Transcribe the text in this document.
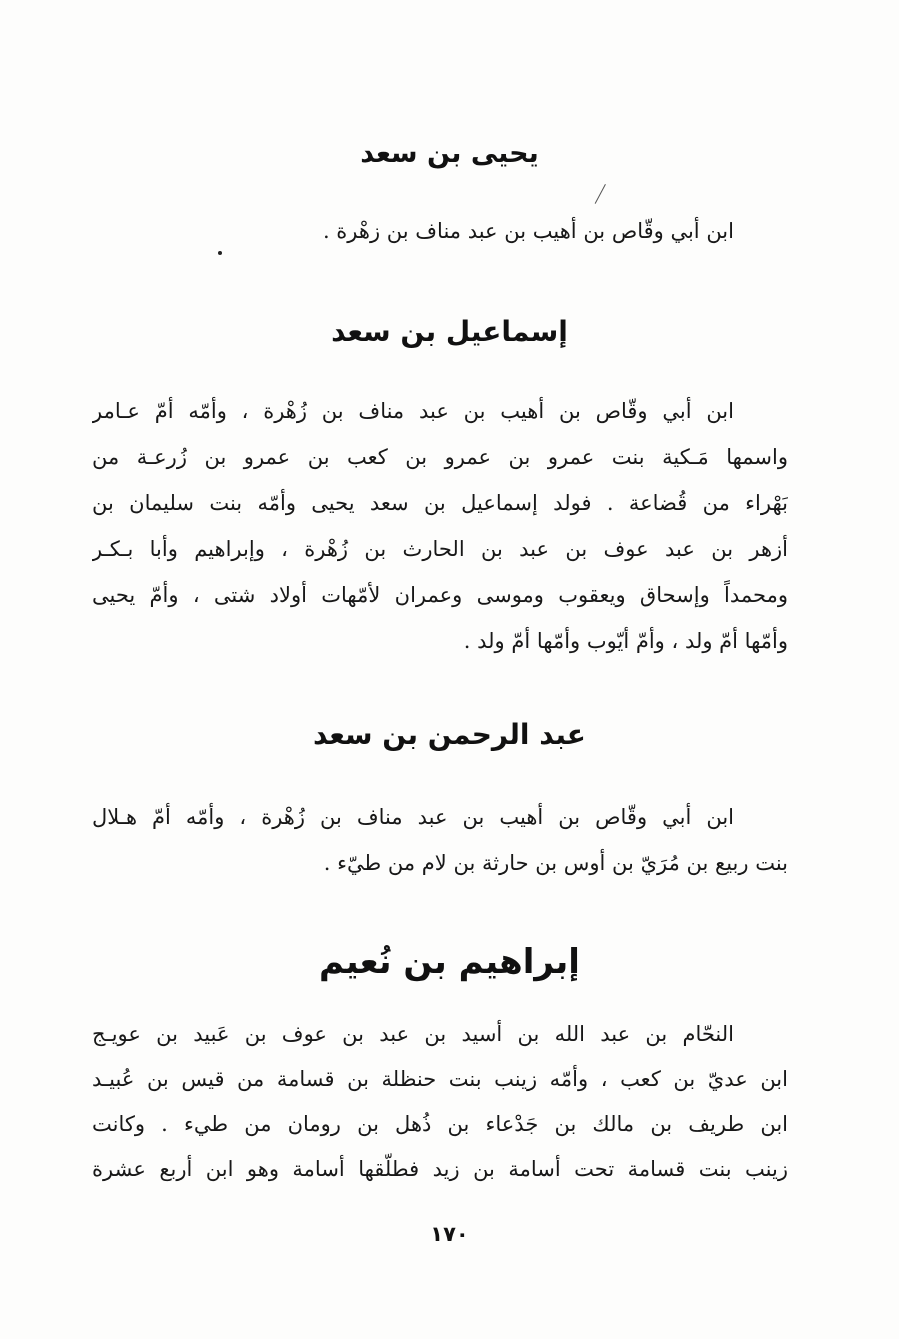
يحيى بن سعد
ابن أبي وقّاص بن أهيب بن عبد مناف بن زهْرة .
إسماعيل بن سعد
ابن أبي وقّاص بن أهيب بن عبد مناف بن زُهْرة ، وأمّه أمّ عـامر
واسمها مَـكية بنت عمرو بن عمرو بن كعب بن عمرو بن زُرعـة من
بَهْراء من قُضاعة . فولد إسماعيل بن سعد يحيى وأمّه بنت سليمان بن
أزهر بن عبد عوف بن عبد بن الحارث بن زُهْرة ، وإبراهيم وأبا بـكـر
ومحمداً وإسحاق ويعقوب وموسى وعمران لأمّهات أولاد شتى ، وأمّ يحيى
وأمّها أمّ ولد ، وأمّ أيّوب وأمّها أمّ ولد .
عبد الرحمن بن سعد
ابن أبي وقّاص بن أهيب بن عبد مناف بن زُهْرة ، وأمّه أمّ هـلال
بنت ربيع بن مُرَيّ بن أوس بن حارثة بن لام من طيّء .
إبراهيم بن نُعيم
النحّام بن عبد الله بن أسيد بن عبد بن عوف بن عَبيد بن عويـج
ابن عديّ بن كعب ، وأمّه زينب بنت حنظلة بن قسامة من قيس بن عُبيـد
ابن طريف بن مالك بن جَدْعاء بن ذُهل بن رومان من طيء . وكانت
زينب بنت قسامة تحت أسامة بن زيد فطلّقها أسامة وهو ابن أربع عشرة
١٧٠
